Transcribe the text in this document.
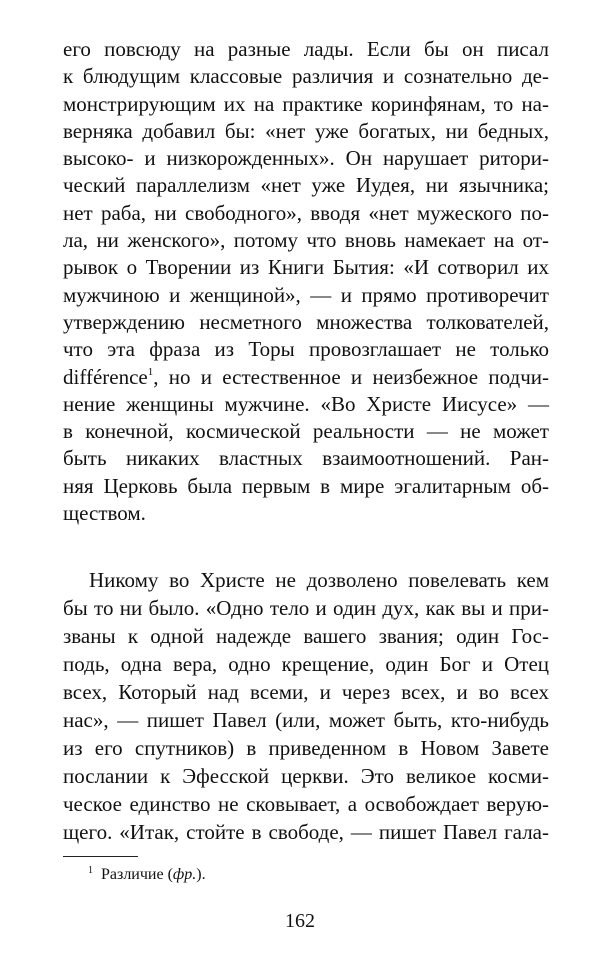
его повсюду на разные лады. Если бы он писал
к блюдущим классовые различия и сознательно де-
монстрирующим их на практике коринфянам, то на-
верняка добавил бы: «нет уже богатых, ни бедных,
высоко- и низкорожденных». Он нарушает ритори-
ческий параллелизм «нет уже Иудея, ни язычника;
нет раба, ни свободного», вводя «нет мужеского по-
ла, ни женского», потому что вновь намекает на от-
рывок о Творении из Книги Бытия: «И сотворил их
мужчиною и женщиной», — и прямо противоречит
утверждению несметного множества толкователей,
что эта фраза из Торы провозглашает не только
différence$^1$, но и естественное и неизбежное подчи-
нение женщины мужчине. «Во Христе Иисусе» —
в конечной, космической реальности — не может
быть никаких властных взаимоотношений. Ран-
няя Церковь была первым в мире эгалитарным об-
ществом.
Никому во Христе не дозволено повелевать кем
бы то ни было. «Одно тело и один дух, как вы и при-
званы к одной надежде вашего звания; один Гос-
подь, одна вера, одно крещение, один Бог и Отец
всех, Который над всеми, и через всех, и во всех
нас», — пишет Павел (или, может быть, кто-нибудь
из его спутников) в приведенном в Новом Завете
послании к Эфесской церкви. Это великое косми-
ческое единство не сковывает, а освобождает верую-
щего. «Итак, стойте в свободе, — пишет Павел гала-
$^1$ Различие (фр.).
162
